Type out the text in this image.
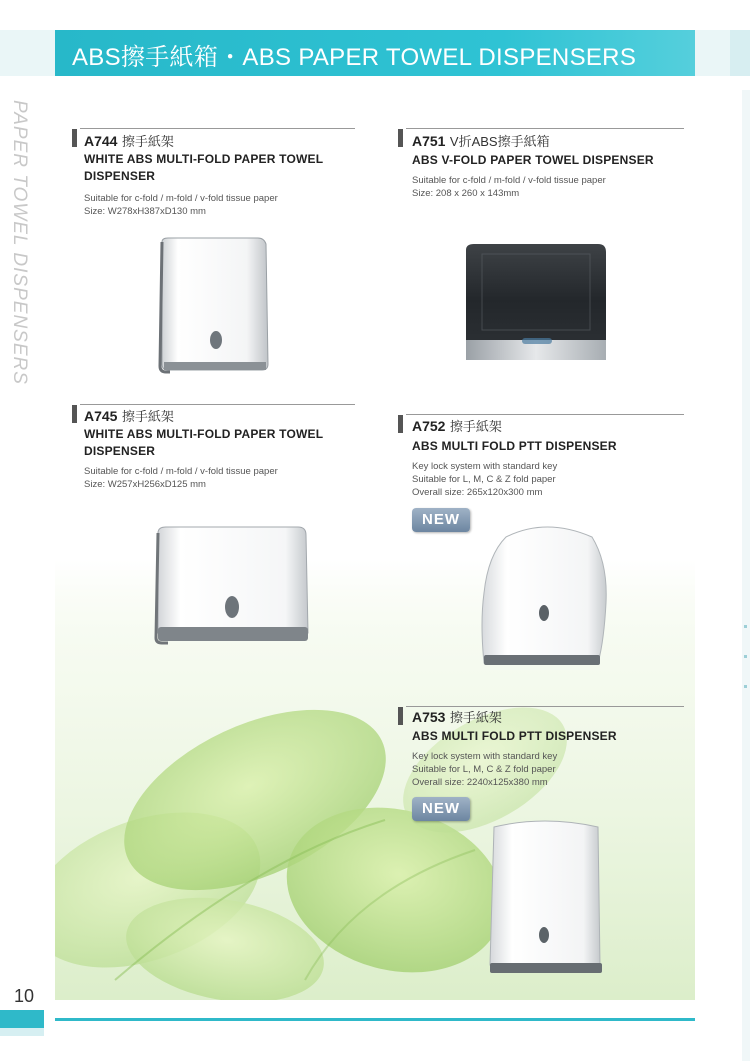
ABS擦手紙箱・ABS PAPER TOWEL DISPENSERS
PAPER TOWEL DISPENSERS	A744 擦手紙架
WHITE ABS MULTI-FOLD PAPER TOWEL
DISPENSER
Suitable for c-fold / m-fold / v-fold tissue paper
Size: W278xH387xD130 mm
A751 V折ABS擦手紙箱
ABS V-FOLD PAPER TOWEL DISPENSER
Suitable for c-fold / m-fold / v-fold tissue paper
Size: 208 x 260 x 143mm
A745 擦手紙架
WHITE ABS MULTI-FOLD PAPER TOWEL
DISPENSER
Suitable for c-fold / m-fold / v-fold tissue paper
Size: W257xH256xD125 mm
A752 擦手紙架
ABS MULTI FOLD PTT DISPENSER
Key lock system with standard key
Suitable for L, M, C & Z fold paper
Overall size: 265x120x300 mm
NEW
A753 擦手紙架
ABS MULTI FOLD PTT DISPENSER
Key lock system with standard key
Suitable for L, M, C & Z fold paper
Overall size: 2240x125x380 mm
NEW
10
